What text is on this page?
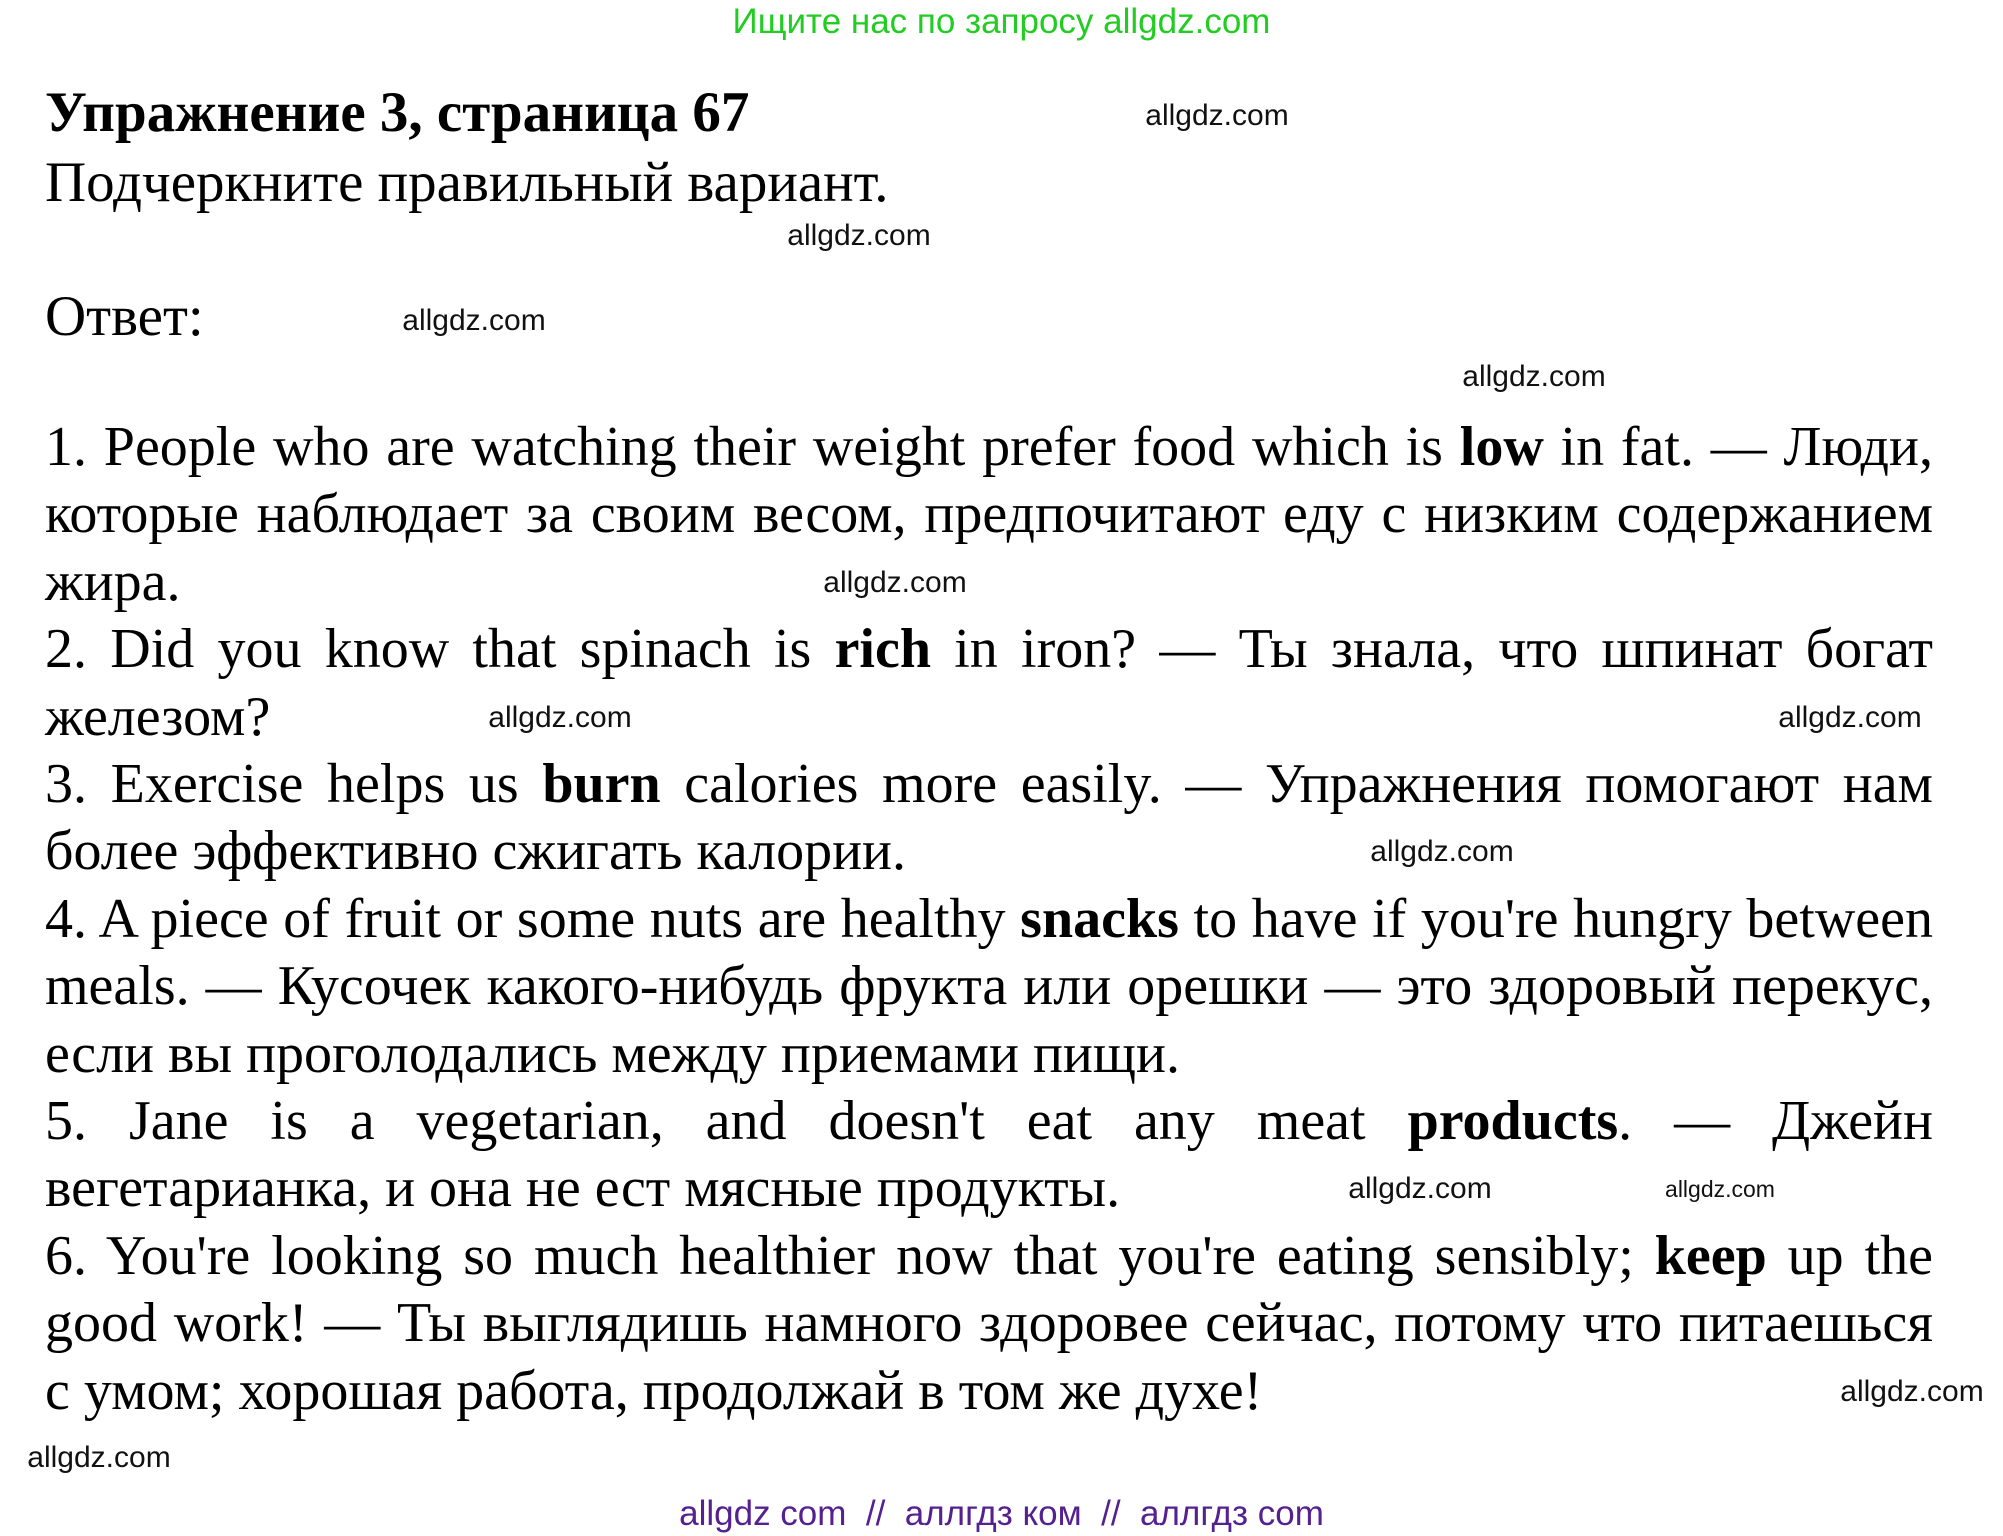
Ищите нас по запросу allgdz.com
Упражнение 3, страница 67
Подчеркните правильный вариант.
Ответ:

1. People who are watching their weight prefer food which is low in fat. — Люди, которые наблюдает за своим весом, предпочитают еду с низким содержанием жира.

2. Did you know that spinach is rich in iron? — Ты знала, что шпинат богат железом?

3. Exercise helps us burn calories more easily. — Упражнения помогают нам более эффективно сжигать калории.

4. A piece of fruit or some nuts are healthy snacks to have if you're hungry between meals. — Кусочек какого-нибудь фрукта или орешки — это здоровый перекус, если вы проголодались между приемами пищи.

5. Jane is a vegetarian, and doesn't eat any meat products. — Джейн вегетарианка, и она не ест мясные продукты.

6. You're looking so much healthier now that you're eating sensibly; keep up the good work! — Ты выглядишь намного здоровее сейчас, потому что питаешься с умом; хорошая работа, продолжай в том же духе!

allgdz.com
allgdz.com
allgdz.com
allgdz.com
allgdz.com
allgdz.com	allgdz.com
allgdz.com
allgdz.com	allgdz.com
allgdz.com
allgdz.com
allgdz com  //  аллгдз ком  //  аллгдз com
